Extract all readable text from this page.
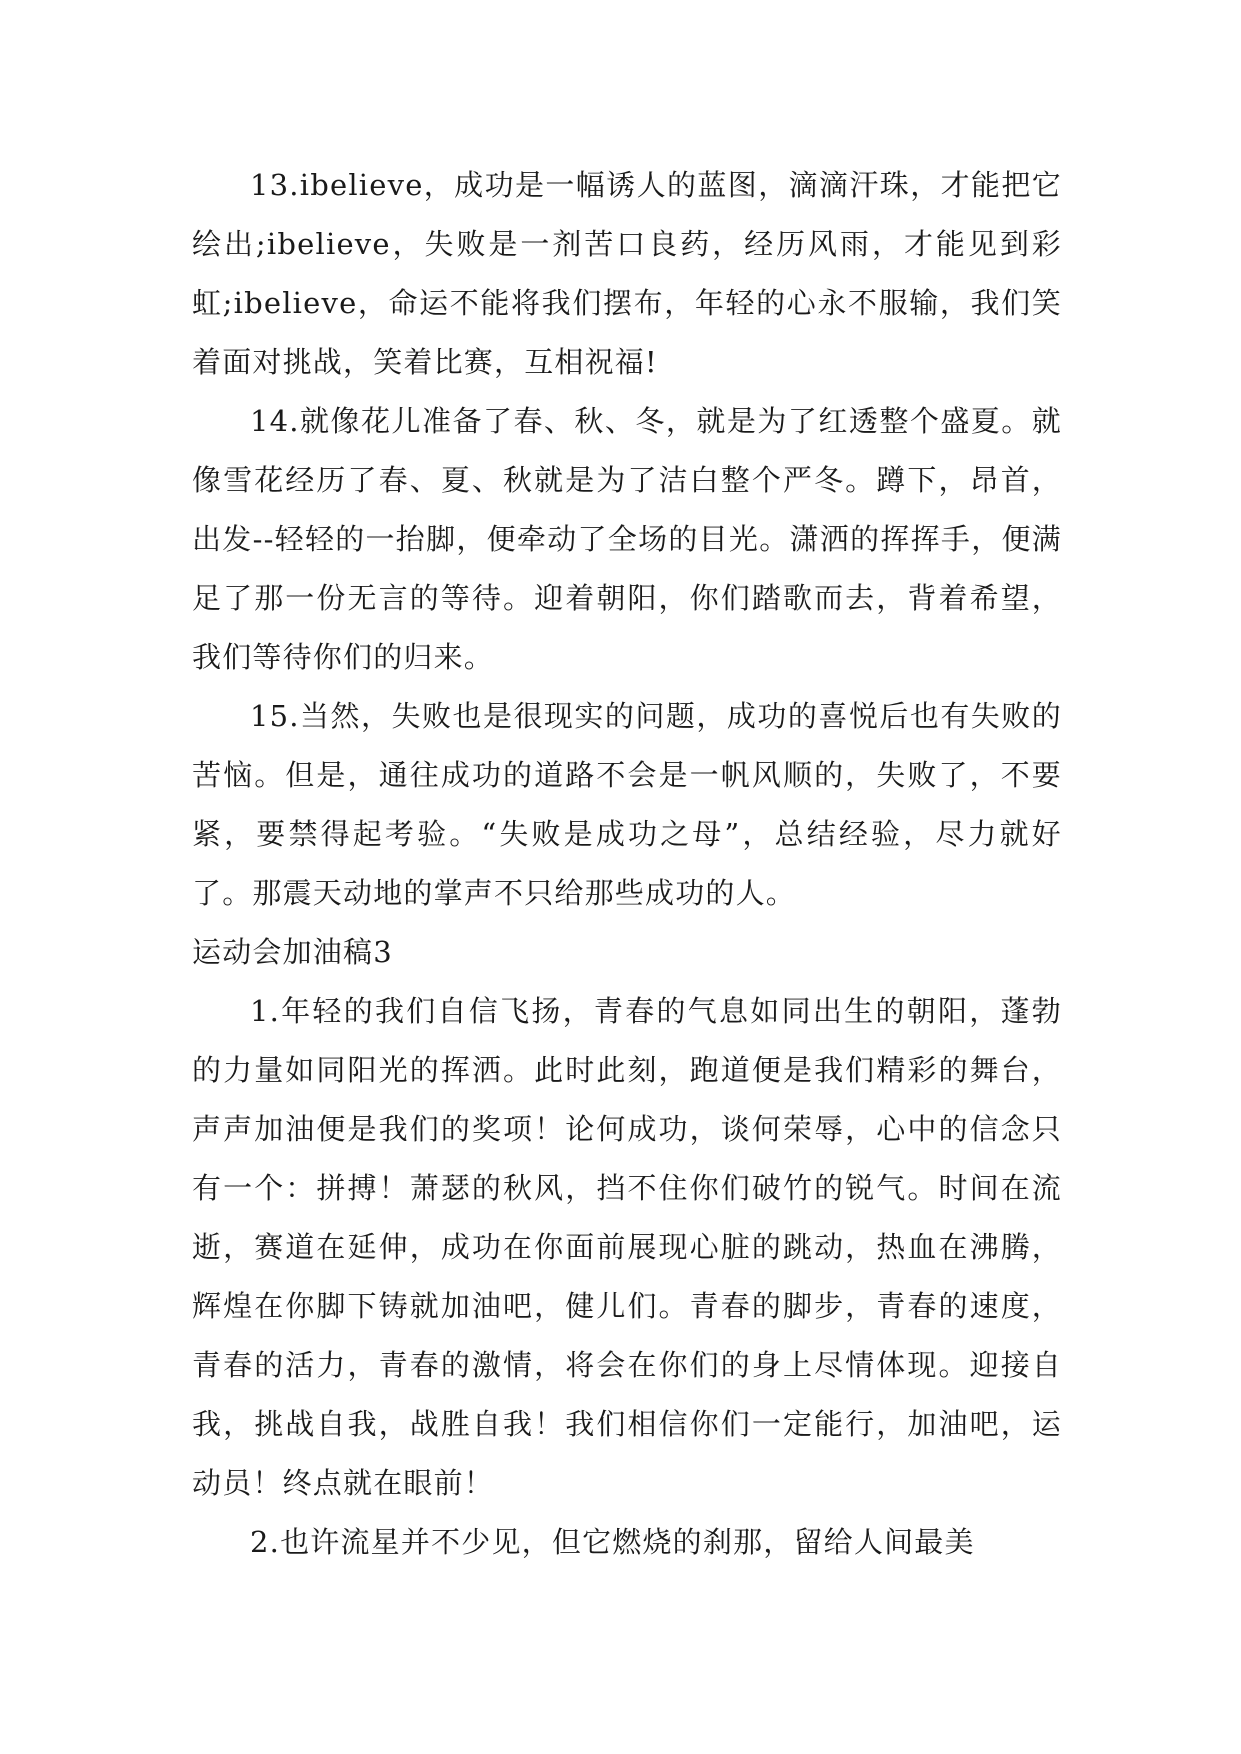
13.ibelieve，成功是一幅诱人的蓝图，滴滴汗珠，才能把它绘出;ibelieve，失败是一剂苦口良药，经历风雨，才能见到彩虹;ibelieve，命运不能将我们摆布，年轻的心永不服输，我们笑着面对挑战，笑着比赛，互相祝福!

14.就像花儿准备了春、秋、冬，就是为了红透整个盛夏。就像雪花经历了春、夏、秋就是为了洁白整个严冬。蹲下，昂首，出发--轻轻的一抬脚，便牵动了全场的目光。潇洒的挥挥手，便满足了那一份无言的等待。迎着朝阳，你们踏歌而去，背着希望，我们等待你们的归来。

15.当然，失败也是很现实的问题，成功的喜悦后也有失败的苦恼。但是，通往成功的道路不会是一帆风顺的，失败了，不要紧，要禁得起考验。“失败是成功之母”，总结经验，尽力就好了。那震天动地的掌声不只给那些成功的人。

运动会加油稿3

1.年轻的我们自信飞扬，青春的气息如同出生的朝阳，蓬勃的力量如同阳光的挥洒。此时此刻，跑道便是我们精彩的舞台，声声加油便是我们的奖项！论何成功，谈何荣辱，心中的信念只有一个：拼搏！萧瑟的秋风，挡不住你们破竹的锐气。时间在流逝，赛道在延伸，成功在你面前展现心脏的跳动，热血在沸腾，辉煌在你脚下铸就加油吧，健儿们。青春的脚步，青春的速度，青春的活力，青春的激情，将会在你们的身上尽情体现。迎接自我，挑战自我，战胜自我！我们相信你们一定能行，加油吧，运动员！终点就在眼前！

2.也许流星并不少见，但它燃烧的刹那，留给人间最美
